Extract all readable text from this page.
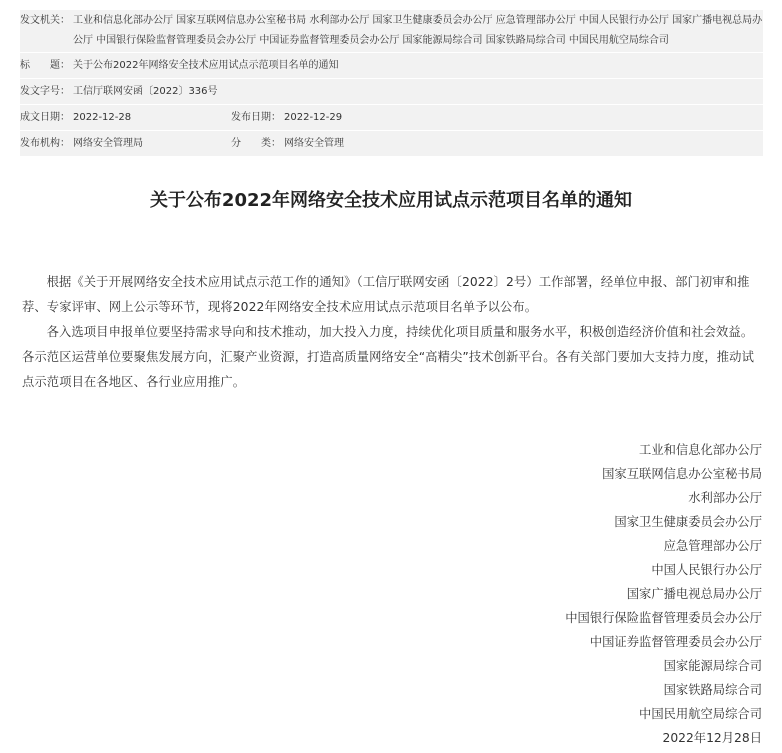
发文机关： 工业和信息化部办公厅 国家互联网信息办公室秘书局 水利部办公厅 国家卫生健康委员会办公厅 应急管理部办公厅 中国人民银行办公厅 国家广播电视总局办公厅 中国银行保险监督管理委员会办公厅 中国证券监督管理委员会办公厅 国家能源局综合司 国家铁路局综合司 中国民用航空局综合司
标　　题： 关于公布2022年网络安全技术应用试点示范项目名单的通知
发文字号： 工信厅联网安函〔2022〕336号
成文日期： 2022-12-28	发布日期： 2022-12-29
发布机构： 网络安全管理局	分　　类： 网络安全管理
关于公布2022年网络安全技术应用试点示范项目名单的通知

根据《关于开展网络安全技术应用试点示范工作的通知》（工信厅联网安函〔2022〕2号）工作部署，经单位申报、部门初审和推荐、专家评审、网上公示等环节，现将2022年网络安全技术应用试点示范项目名单予以公布。

各入选项目申报单位要坚持需求导向和技术推动，加大投入力度，持续优化项目质量和服务水平，积极创造经济价值和社会效益。各示范区运营单位要聚焦发展方向，汇聚产业资源，打造高质量网络安全“高精尖”技术创新平台。各有关部门要加大支持力度，推动试点示范项目在各地区、各行业应用推广。

工业和信息化部办公厅
国家互联网信息办公室秘书局
水利部办公厅
国家卫生健康委员会办公厅
应急管理部办公厅
中国人民银行办公厅
国家广播电视总局办公厅
中国银行保险监督管理委员会办公厅
中国证券监督管理委员会办公厅
国家能源局综合司
国家铁路局综合司
中国民用航空局综合司
2022年12月28日
